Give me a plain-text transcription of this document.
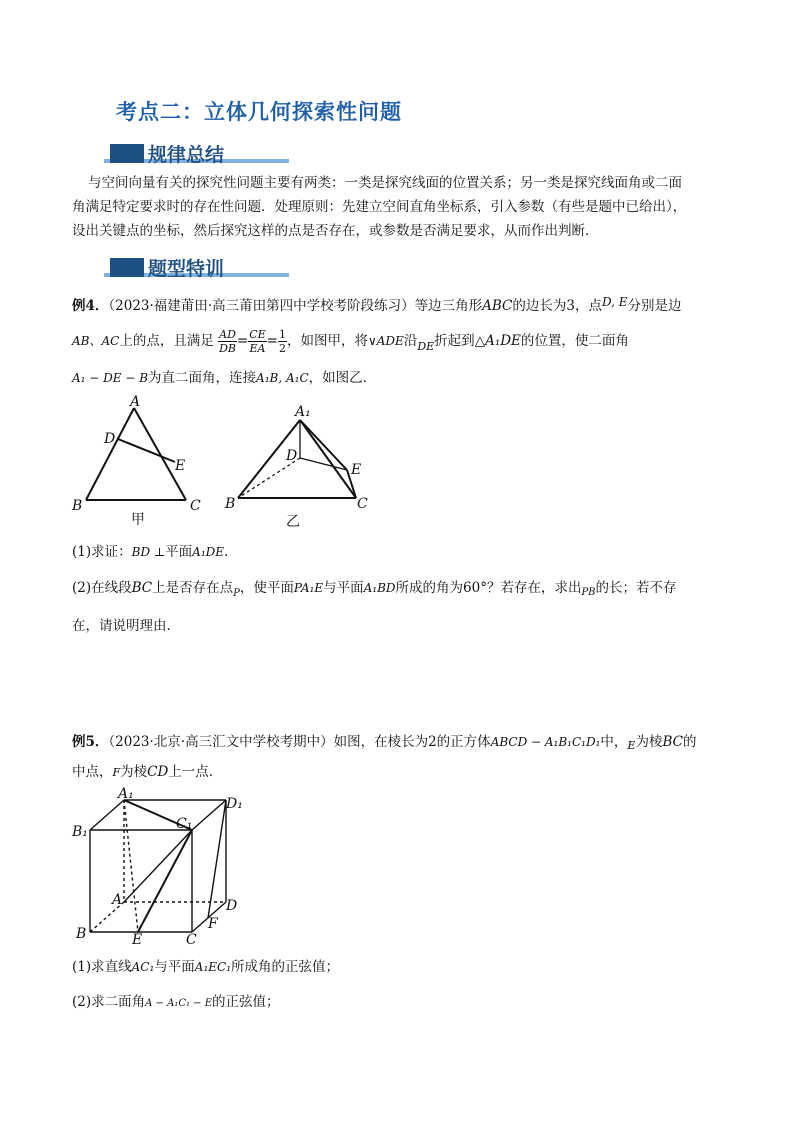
考点二：立体几何探索性问题
规律总结
与空间向量有关的探究性问题主要有两类：一类是探究线面的位置关系；另一类是探究线面角或二面
角满足特定要求时的存在性问题．处理原则：先建立空间直角坐标系，引入参数（有些是题中已给出），
设出关键点的坐标，然后探究这样的点是否存在，或参数是否满足要求，从而作出判断．
题型特训
例4．（2023·福建莆田·高三莆田第四中学校考阶段练习）等边三角形ABC的边长为3，点D, E分别是边
AB、AC上的点，且满足 $\frac{AD}{DB} = \frac{CE}{EA} = \frac{1}{2}$ ，如图甲，将∨ADE沿$_{DE}$折起到△A₁DE的位置，使二面角
A₁ − DE − B为直二面角，连接A₁B, A₁C，如图乙．
A
D
E
B	C
甲
A₁
D
E
B	C
乙
(1)求证：BD ⊥平面A₁DE.
(2)在线段BC上是否存在点$_P$，使平面PA₁E与平面A₁BD所成的角为60°？若存在，求出$_{PB}$的长；若不存
在，请说明理由．
例5．（2023·北京·高三汇文中学校考期中）如图，在棱长为2的正方体ABCD − A₁B₁C₁D₁中，$_E$为棱BC的
中点，F为棱CD上一点．
A₁
D₁
B₁	C₁
A	D
F
B	E	C
(1)求直线AC₁与平面A₁EC₁所成角的正弦值；
(2)求二面角A − A₁C₁ − E的正弦值；
